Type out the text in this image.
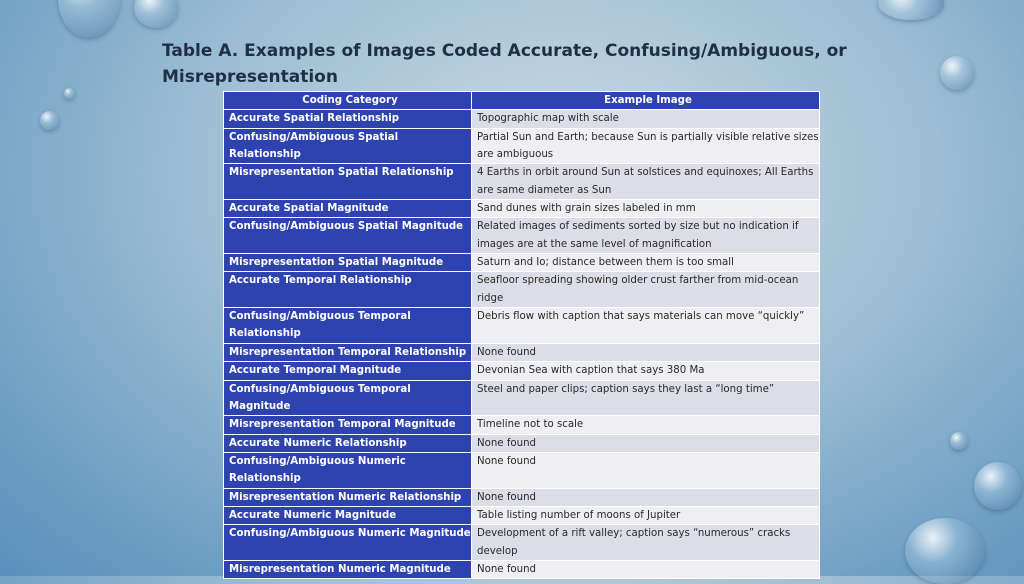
Table A. Examples of Images Coded Accurate, Confusing/Ambiguous, or Misrepresentation
Coding Category	Example Image
Accurate Spatial Relationship	Topographic map with scale
Confusing/Ambiguous Spatial Relationship	Partial Sun and Earth; because Sun is partially visible relative sizes are ambiguous
Misrepresentation Spatial Relationship	4 Earths in orbit around Sun at solstices and equinoxes; All Earths are same diameter as Sun
Accurate Spatial Magnitude	Sand dunes with grain sizes labeled in mm
Confusing/Ambiguous Spatial Magnitude	Related images of sediments sorted by size but no indication if images are at the same level of magnification
Misrepresentation Spatial Magnitude	Saturn and Io; distance between them is too small
Accurate Temporal Relationship	Seafloor spreading showing older crust farther from mid-ocean ridge
Confusing/Ambiguous Temporal Relationship	Debris flow with caption that says materials can move “quickly”
Misrepresentation Temporal Relationship	None found
Accurate Temporal Magnitude	Devonian Sea with caption that says 380 Ma
Confusing/Ambiguous Temporal Magnitude	Steel and paper clips; caption says they last a “long time”
Misrepresentation Temporal Magnitude	Timeline not to scale
Accurate Numeric Relationship	None found
Confusing/Ambiguous Numeric Relationship	None found
Misrepresentation Numeric Relationship	None found
Accurate Numeric Magnitude	Table listing number of moons of Jupiter
Confusing/Ambiguous Numeric Magnitude	Development of a rift valley; caption says “numerous” cracks develop
Misrepresentation Numeric Magnitude	None found
